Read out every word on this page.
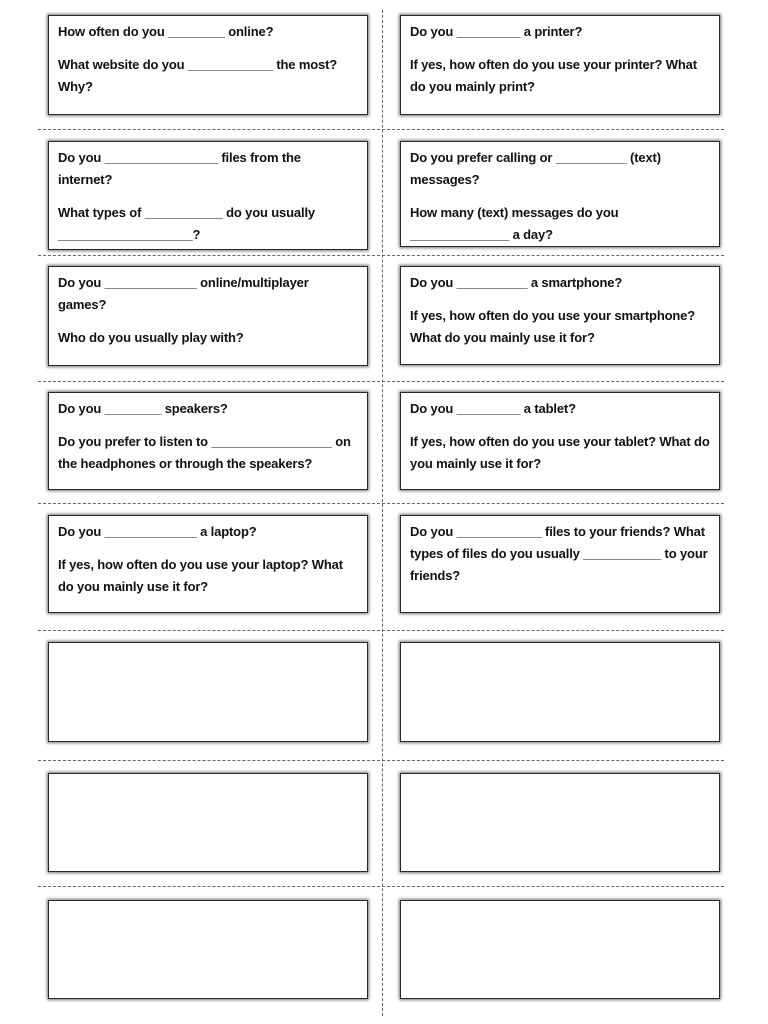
How often do you ________ online?

What website do you ____________ the most? Why?

Do you _________ a printer?

If yes, how often do you use your printer? What do you mainly print?

Do you ________________ files from the internet?

What types of ___________ do you usually ___________________?

Do you prefer calling or __________ (text) messages?

How many (text) messages do you ______________ a day?

Do you _____________ online/multiplayer games?

Who do you usually play with?

Do you __________ a smartphone?

If yes, how often do you use your smartphone? What do you mainly use it for?

Do you ________ speakers?

Do you prefer to listen to _________________ on the headphones or through the speakers?

Do you _________ a tablet?

If yes, how often do you use your tablet? What do you mainly use it for?

Do you _____________ a laptop?

If yes, how often do you use your laptop? What do you mainly use it for?

Do you ____________ files to your friends? What types of files do you usually ___________ to your friends?
